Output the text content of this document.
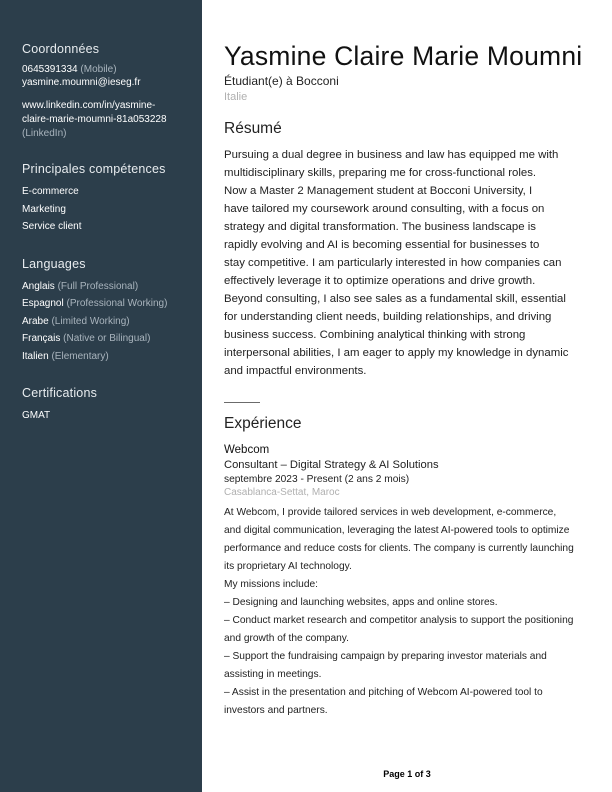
Coordonnées
0645391334 (Mobile)
yasmine.moumni@ieseg.fr
www.linkedin.com/in/yasmine-
claire-marie-moumni-81a053228
(LinkedIn)
Principales compétences
E-commerce
Marketing
Service client
Languages
Anglais (Full Professional)
Espagnol (Professional Working)
Arabe (Limited Working)
Français (Native or Bilingual)
Italien (Elementary)
Certifications
GMAT
Yasmine Claire Marie Moumni
Étudiant(e) à Bocconi
Italie
Résumé
Pursuing a dual degree in business and law has equipped me with
multidisciplinary skills, preparing me for cross-functional roles.
Now a Master 2 Management student at Bocconi University, I
have tailored my coursework around consulting, with a focus on
strategy and digital transformation. The business landscape is
rapidly evolving and AI is becoming essential for businesses to
stay competitive. I am particularly interested in how companies can
effectively leverage it to optimize operations and drive growth.
Beyond consulting, I also see sales as a fundamental skill, essential
for understanding client needs, building relationships, and driving
business success. Combining analytical thinking with strong
interpersonal abilities, I am eager to apply my knowledge in dynamic
and impactful environments.
Expérience
Webcom
Consultant – Digital Strategy & AI Solutions
septembre 2023 - Present (2 ans 2 mois)
Casablanca-Settat, Maroc
At Webcom, I provide tailored services in web development, e-commerce,
and digital communication, leveraging the latest AI-powered tools to optimize
performance and reduce costs for clients. The company is currently launching
its proprietary AI technology.
My missions include:
– Designing and launching websites, apps and online stores.
– Conduct market research and competitor analysis to support the positioning
and growth of the company.
– Support the fundraising campaign by preparing investor materials and
assisting in meetings.
– Assist in the presentation and pitching of Webcom AI-powered tool to
investors and partners.
Page 1 of 3
